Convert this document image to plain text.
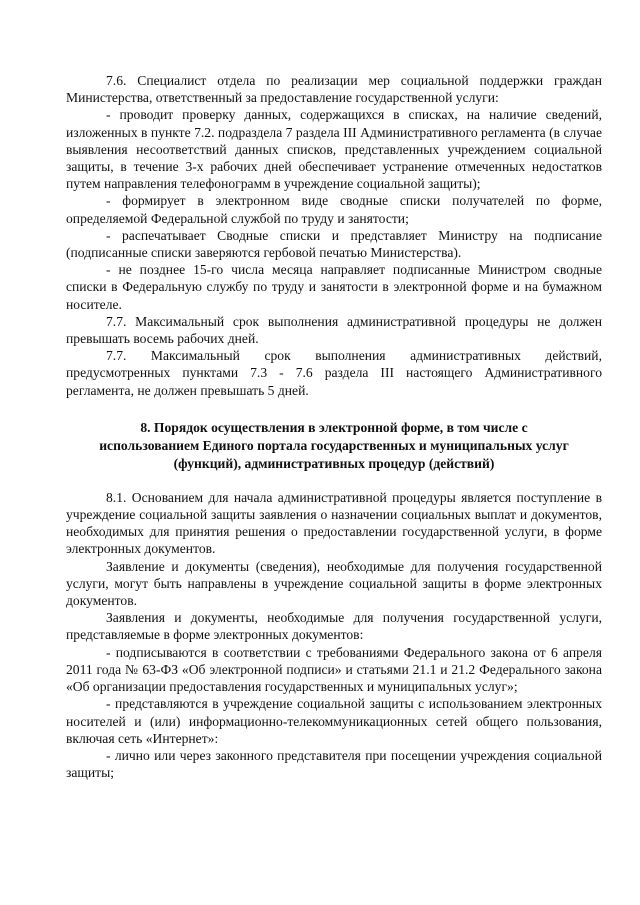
7.6. Специалист отдела по реализации мер социальной поддержки граждан Министерства, ответственный за предоставление государственной услуги:

- проводит проверку данных, содержащихся в списках, на наличие сведений, изложенных в пункте 7.2. подраздела 7 раздела III Административного регламента (в случае выявления несоответствий данных списков, представленных учреждением социальной защиты, в течение 3-х рабочих дней обеспечивает устранение отмеченных недостатков путем направления телефонограмм в учреждение социальной защиты);

- формирует в электронном виде сводные списки получателей по форме, определяемой Федеральной службой по труду и занятости;

- распечатывает Сводные списки и представляет Министру на подписание (подписанные списки заверяются гербовой печатью Министерства).

- не позднее 15-го числа месяца направляет подписанные Министром сводные списки в Федеральную службу по труду и занятости в электронной форме и на бумажном носителе.

7.7. Максимальный срок выполнения административной процедуры не должен превышать восемь рабочих дней.

7.7. Максимальный срок выполнения административных действий, предусмотренных пунктами 7.3 - 7.6 раздела III настоящего Административного регламента, не должен превышать 5 дней.

8. Порядок осуществления в электронной форме, в том числе с
использованием Единого портала государственных и муниципальных услуг
(функций), административных процедур (действий)

8.1. Основанием для начала административной процедуры является поступление в учреждение социальной защиты заявления о назначении социальных выплат и документов, необходимых для принятия решения о предоставлении государственной услуги, в форме электронных документов.

Заявление и документы (сведения), необходимые для получения государственной услуги, могут быть направлены в учреждение социальной защиты в форме электронных документов.

Заявления и документы, необходимые для получения государственной услуги, представляемые в форме электронных документов:

- подписываются в соответствии с требованиями Федерального закона от 6 апреля 2011 года № 63-ФЗ «Об электронной подписи» и статьями 21.1 и 21.2 Федерального закона «Об организации предоставления государственных и муниципальных услуг»;

- представляются в учреждение социальной защиты с использованием электронных носителей и (или) информационно-телекоммуникационных сетей общего пользования, включая сеть «Интернет»:

- лично или через законного представителя при посещении учреждения социальной защиты;
